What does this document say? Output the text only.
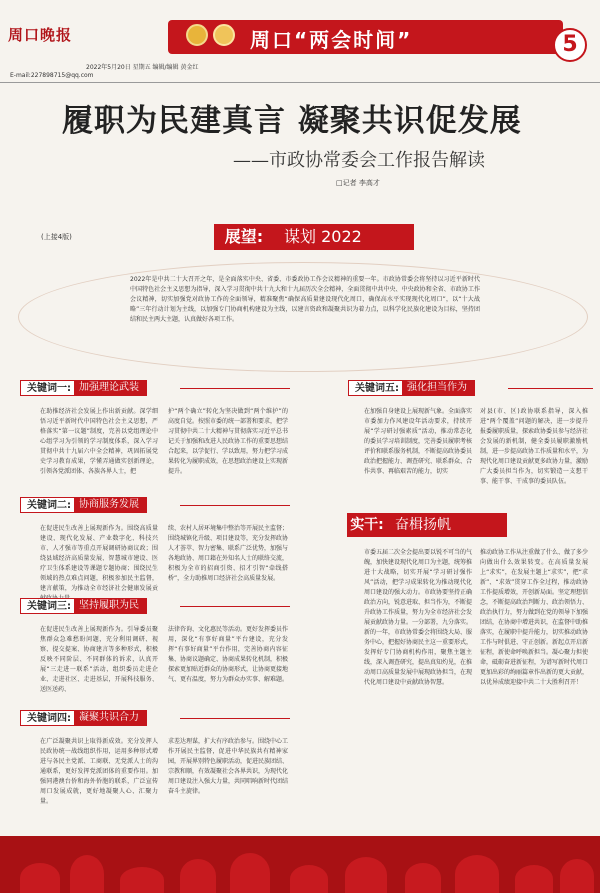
周口晚报	周口“两会时间”	5
2022年5月20日 星期五 编辑/编辑 黄金红
E-mail:227898715@qq.com
履职为民建真言 凝聚共识促发展
——市政协常委会工作报告解读
□记者 李高才
(上接4版)	展望:	谋划 2022
2022年是中共二十大召开之年，是全面落实中央、省委、市委政协工作会议精神的重要一年。市政协常委会将坚持以习近平新时代中国特色社会主义思想为指导，深入学习贯彻中共十九大和十九届历次全会精神，全面贯彻中共中央、中央政协和全省、市政协工作会议精神，切实加强党对政协工作的全面领导，精准聚焦“确保高质量建设现代化周口，确保高水平实现现代化周口”，以“十大战略”三年行动计划为主线，以加强专门协商机构建设为主线，以建言资政和凝聚共识为着力点，以科学化民族化建设为目标，坚持团结和民主两大主题，认真做好各项工作。
关键词一: 加强理论武装
在助推经济社会发展上作出新贡献。深学细悟习近平新时代中国特色社会主义思想，严格落实“第一议题”制度，完善以党组理论中心组学习为引领的学习制度体系，深入学习贯彻中共十九届六中全会精神，巩固拓展党史学习教育成果，学懂弄通做实创新理论，引领各党派团体、各族各界人士，把
护“两个确立”转化为坚决做到“两个维护”的高度自觉。按照市委的统一部署和要求，把学习贯彻中共二十大精神与贯彻落实习近平总书记关于加强和改进人民政协工作的重要思想结合起来，以学促行、学以致用，努力把学习成果转化为履职成效，在思想政治建设上实现新提升。
关键词二: 协商服务发展
在促进民生改善上展现新作为。围绕高质量建设、现代化发展、产业数字化、科技兴市、人才强市等重点开展调研协商议政；围绕县域经济高质量发展、智慧城市建设、医疗卫生体系建设等课题专题协商；围绕民生领域的热点难点问题，积极参加民主监督，建言献策，为推动全市经济社会健康发展贡
续、农村人居环境集中整治等开展民主监督；围绕城镇化升级、项目建设等，充分发挥政协人才荟萃、智力密集、联系广泛优势，加强与各地政协、周口籍在外知名人士的联络交流，积极为全市的招商引资、招才引智“牵线搭桥”，全力助推周口经济社会高质量发展。
关键词三: 坚持履职为民
在促进民生改善上展现新作为。引导委员聚焦群众急难愁盼问题，充分利用调研、视察、提交提案、协商建言等多种形式，积极反映不同阶层、不同群体的诉求，认真开展“三走进一联系”活动，组织委员走进企业、走进社区、走进基层，开展科技服务、送医送药、
法律咨询、文化惠民等活动。更好发挥委员作用，深化“有事好商量”平台建设，充分发挥“有事好商量”平台作用，完善协商内容征集、协商议题确定、协商成果转化机制，积极探索更加贴近群众的协商形式，让协商更接地气、更有温度，努力为群众办实事、解难题。
关键词四: 凝聚共识合力
在广泛凝聚共识上取得新成效。充分发挥人民政协统一战线组织作用，运用多种形式增进与各民主党派、工商联、无党派人士的沟通联系，更好发挥党派团体的重要作用。加强同港澳台侨和海外侨胞的联系，广泛宣传周口发展成就，更好地凝聚人心、汇聚力量。
求差达理谋，扩大有序政治参与。围绕中心工作开展民主监督，促进中华民族共有精神家园，开展界别特色履职活动，促进民族团结、宗教和顺，有效凝聚社会各界共识，为现代化周口建设注入强大力量，共同唱响新时代团结奋斗主旋律。
关键词五: 强化担当作为
在加强自身建设上展现新气象。全面落实市委加力作风建设年活动要求，持续开展“学习研讨强素质”活动，推动常态化的委员学习培训制度，完善委员履职考核评价和联系服务机制，不断提高政协委员政治把握能力、调查研究、联系群众、合作共事、再临艰苦的能力，切实
对县(市、区)政协联系指导，深入推进“两个覆盖”问题的解决，进一步提升报委履职质量，探索政协委员参与经济社会发展的新机制，健全委员履职激励机制，进一步提高政协工作质量和水平，为现代化周口建设贡献更多政协力量，激励广大委员担当作为，切实锻造一支想干事、能干事、干成事的委员队伍。
实干: 奋楫扬帆
市委五届二次全会提出要以锐不可当的气魄，加快建设现代化周口为主题，统筹推进十大战略，切实开展“学习研讨强作风”活动，把学习成果转化为推动现代化周口建设的强大动力。市政协要坚持正确政治方向，锐意进取、担当作为，不断提升政协工作质量，努力为全市经济社会发展贡献政协力量。一分部署，九分落实。新的一年，市政协常委会将围绕大局、服务中心，把握好协商民主这一重要形式，发挥好专门协商机构作用，聚焦主题主线，深入调查研究，提出真知灼见，在推动周口高质量发展中展现政协担当，在现代化周口建设中贡献政协智慧。
推动政协工作从注重做了什么、做了多少向做出什么效果转变。在高质量发展上“求实”，在发展主题上“求实”，把“求新”、“求效”贯穿工作全过程，推动政协工作提质增效，开创新局面。坚定理想信念，不断提高政治判断力、政治领悟力、政治执行力，努力做到在党的领导下加强团结，在协商中增进共识，在监督中助推落实，在履职中提升能力，切实推动政协工作与时俱进、守正创新。新起点开启新征程，新使命呼唤新担当。凝心聚力担使命，砥砺奋进新征程，为谱写新时代周口更加出彩的绚丽篇章作出新的更大贡献，以优异成绩迎接中共二十大胜利召开！
